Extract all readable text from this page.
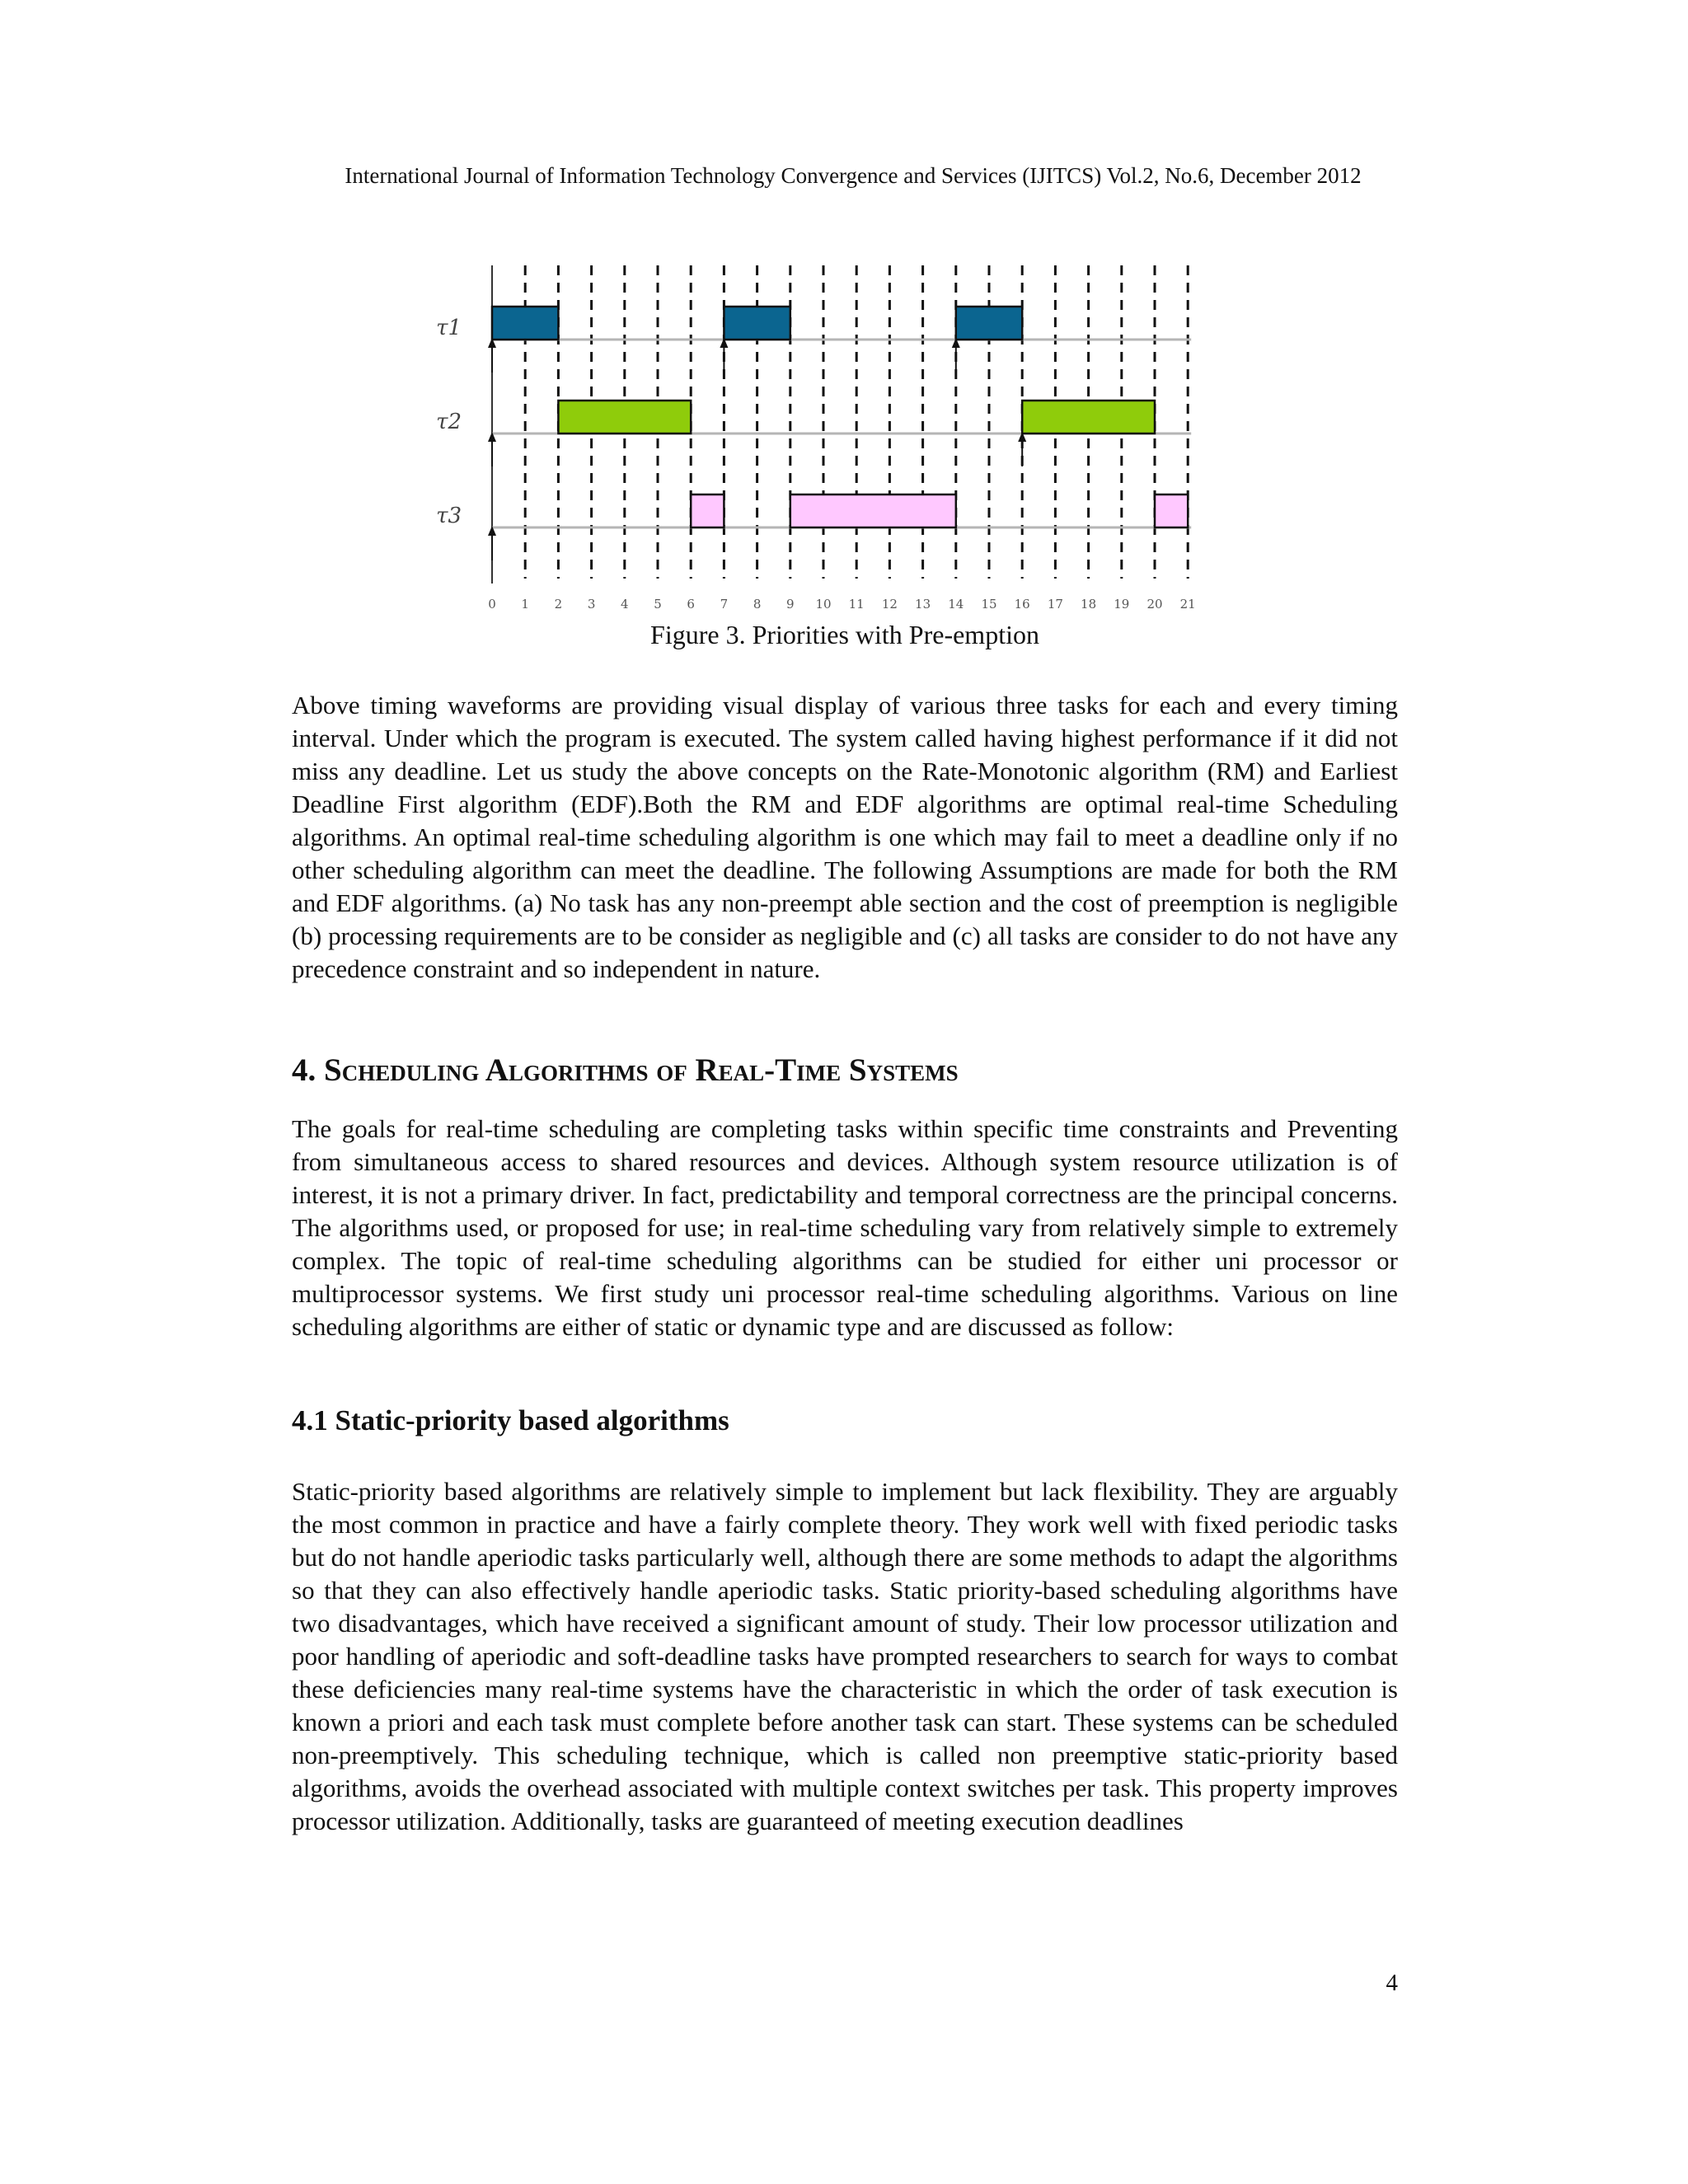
International Journal of Information Technology Convergence and Services (IJITCS) Vol.2, No.6, December 2012
τ1
τ2
τ3
0 1 2 3 4 5 6 7 8 9 10 11 12 13 14 15 16 17 18 19 20 21
Figure 3. Priorities with Pre-emption

Above timing waveforms are providing visual display of various three tasks for each and every timing interval. Under which the program is executed. The system called having highest performance if it did not miss any deadline. Let us study the above concepts on the Rate-Monotonic algorithm (RM) and Earliest Deadline First algorithm (EDF).Both the RM and EDF algorithms are optimal real-time Scheduling algorithms. An optimal real-time scheduling algorithm is one which may fail to meet a deadline only if no other scheduling algorithm can meet the deadline. The following Assumptions are made for both the RM and EDF algorithms. (a) No task has any non-preempt able section and the cost of preemption is negligible (b) processing requirements are to be consider as negligible and (c) all tasks are consider to do not have any precedence constraint and so independent in nature.

4. Scheduling Algorithms of Real-Time Systems

The goals for real-time scheduling are completing tasks within specific time constraints and Preventing from simultaneous access to shared resources and devices. Although system resource utilization is of interest, it is not a primary driver. In fact, predictability and temporal correctness are the principal concerns. The algorithms used, or proposed for use; in real-time scheduling vary from relatively simple to extremely complex. The topic of real-time scheduling algorithms can be studied for either uni processor or multiprocessor systems. We first study uni processor real-time scheduling algorithms. Various on line scheduling algorithms are either of static or dynamic type and are discussed as follow:

4.1 Static-priority based algorithms

Static-priority based algorithms are relatively simple to implement but lack flexibility. They are arguably the most common in practice and have a fairly complete theory. They work well with fixed periodic tasks but do not handle aperiodic tasks particularly well, although there are some methods to adapt the algorithms so that they can also effectively handle aperiodic tasks. Static priority-based scheduling algorithms have two disadvantages, which have received a significant amount of study. Their low processor utilization and poor handling of aperiodic and soft-deadline tasks have prompted researchers to search for ways to combat these deficiencies many real-time systems have the characteristic in which the order of task execution is known a priori and each task must complete before another task can start. These systems can be scheduled non-preemptively. This scheduling technique, which is called non preemptive static-priority based algorithms, avoids the overhead associated with multiple context switches per task. This property improves processor utilization. Additionally, tasks are guaranteed of meeting execution deadlines

4
